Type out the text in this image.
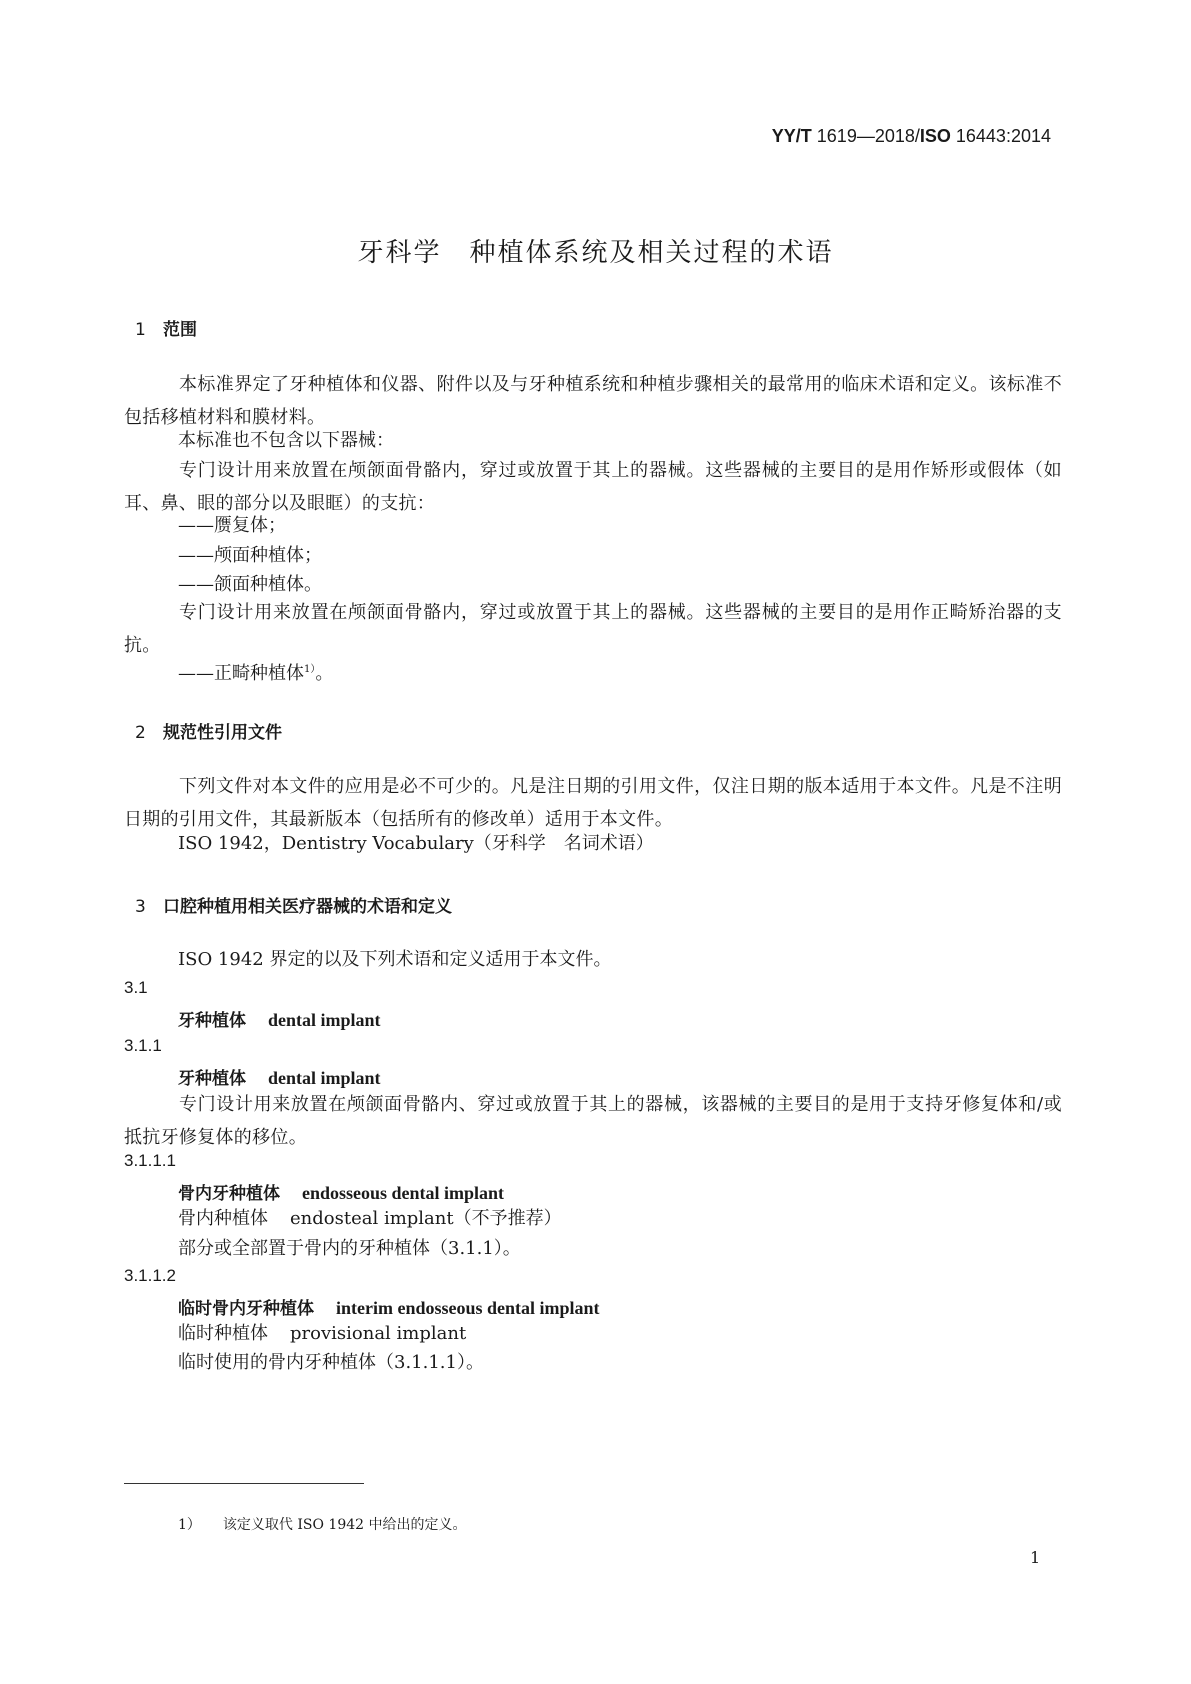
YY/T 1619—2018/ISO 16443:2014
牙科学　种植体系统及相关过程的术语
1 范围
本标准界定了牙种植体和仪器、附件以及与牙种植系统和种植步骤相关的最常用的临床术语和定义。该标准不包括移植材料和膜材料。
本标准也不包含以下器械：
专门设计用来放置在颅颌面骨骼内，穿过或放置于其上的器械。这些器械的主要目的是用作矫形或假体（如耳、鼻、眼的部分以及眼眶）的支抗：
——赝复体；
——颅面种植体；
——颌面种植体。
专门设计用来放置在颅颌面骨骼内，穿过或放置于其上的器械。这些器械的主要目的是用作正畸矫治器的支抗。
——正畸种植体$^{1)}$。
2 规范性引用文件
下列文件对本文件的应用是必不可少的。凡是注日期的引用文件，仅注日期的版本适用于本文件。凡是不注明日期的引用文件，其最新版本（包括所有的修改单）适用于本文件。
ISO 1942，Dentistry Vocabulary（牙科学　名词术语）
3 口腔种植用相关医疗器械的术语和定义
ISO 1942 界定的以及下列术语和定义适用于本文件。
3.1
牙种植体 dental implant
3.1.1
牙种植体 dental implant
专门设计用来放置在颅颌面骨骼内、穿过或放置于其上的器械，该器械的主要目的是用于支持牙修复体和/或抵抗牙修复体的移位。
3.1.1.1
骨内牙种植体 endosseous dental implant
骨内种植体 endosteal implant（不予推荐）
部分或全部置于骨内的牙种植体（3.1.1）。
3.1.1.2
临时骨内牙种植体 interim endosseous dental implant
临时种植体 provisional implant
临时使用的骨内牙种植体（3.1.1.1）。
1） 该定义取代 ISO 1942 中给出的定义。
1
